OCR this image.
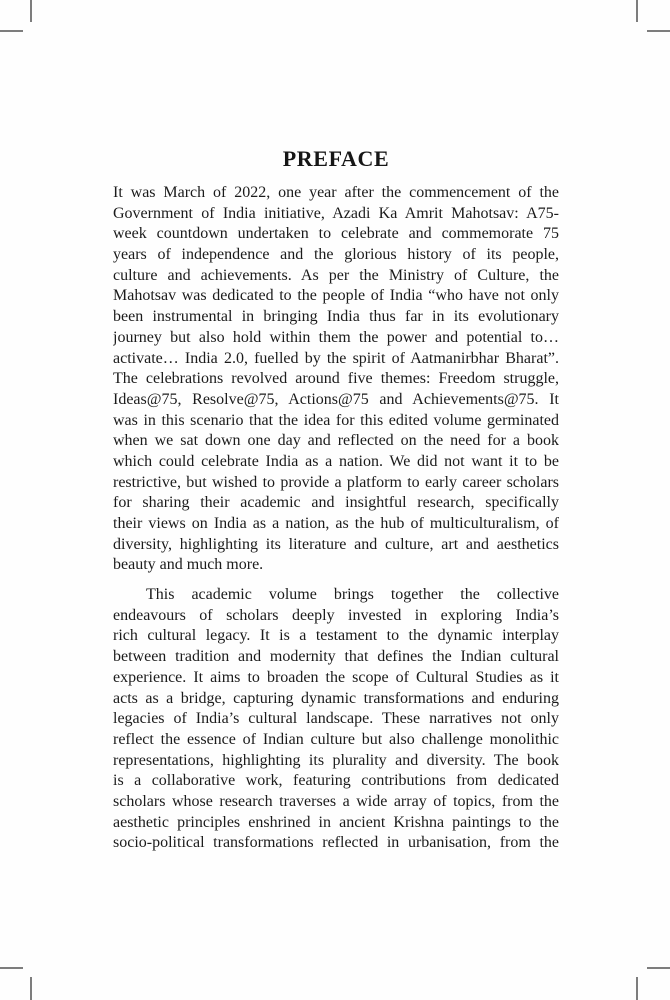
PREFACE
It was March of 2022, one year after the commencement of the
Government of India initiative, Azadi Ka Amrit Mahotsav: A75-
week countdown undertaken to celebrate and commemorate 75
years of independence and the glorious history of its people,
culture and achievements. As per the Ministry of Culture, the
Mahotsav was dedicated to the people of India “who have not only
been instrumental in bringing India thus far in its evolutionary
journey but also hold within them the power and potential to…
activate… India 2.0, fuelled by the spirit of Aatmanirbhar Bharat”.
The celebrations revolved around five themes: Freedom struggle,
Ideas@75, Resolve@75, Actions@75 and Achievements@75. It
was in this scenario that the idea for this edited volume germinated
when we sat down one day and reflected on the need for a book
which could celebrate India as a nation. We did not want it to be
restrictive, but wished to provide a platform to early career scholars
for sharing their academic and insightful research, specifically
their views on India as a nation, as the hub of multiculturalism, of
diversity, highlighting its literature and culture, art and aesthetics
beauty and much more.
This academic volume brings together the collective
endeavours of scholars deeply invested in exploring India’s
rich cultural legacy. It is a testament to the dynamic interplay
between tradition and modernity that defines the Indian cultural
experience. It aims to broaden the scope of Cultural Studies as it
acts as a bridge, capturing dynamic transformations and enduring
legacies of India’s cultural landscape. These narratives not only
reflect the essence of Indian culture but also challenge monolithic
representations, highlighting its plurality and diversity. The book
is a collaborative work, featuring contributions from dedicated
scholars whose research traverses a wide array of topics, from the
aesthetic principles enshrined in ancient Krishna paintings to the
socio-political transformations reflected in urbanisation, from the
